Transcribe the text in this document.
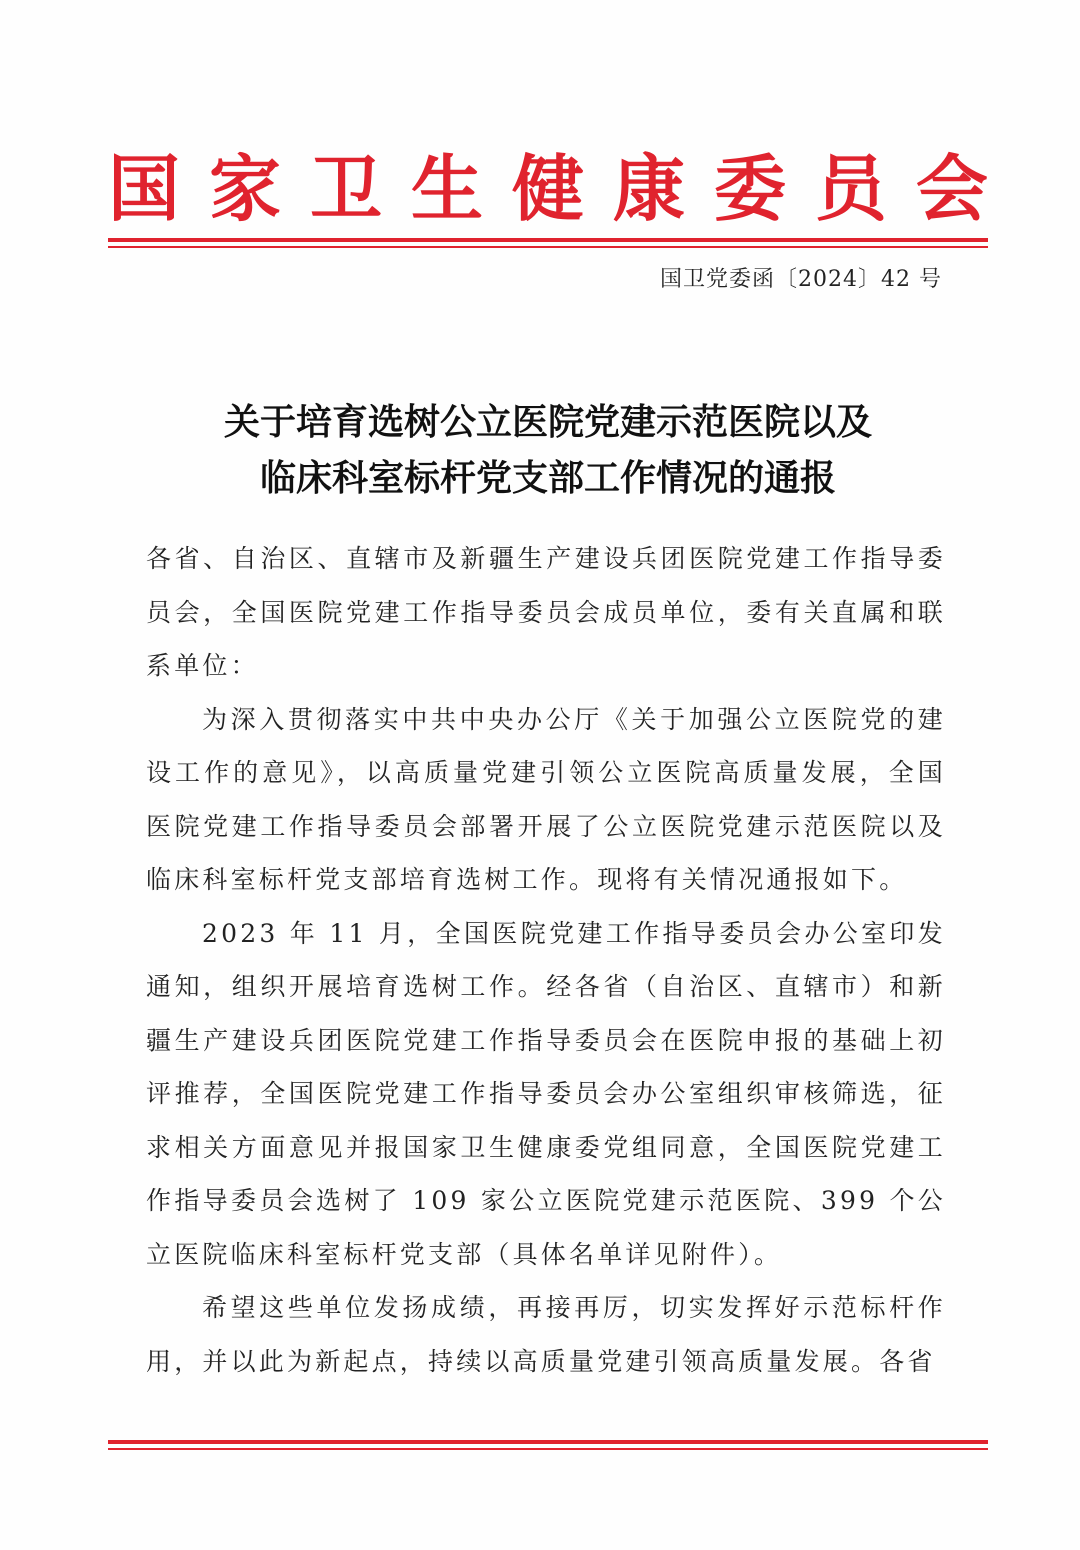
国 家 卫 生 健 康 委 员 会
国卫党委函〔2024〕42 号
关于培育选树公立医院党建示范医院以及
临床科室标杆党支部工作情况的通报

各省、自治区、直辖市及新疆生产建设兵团医院党建工作指导委员会，全国医院党建工作指导委员会成员单位，委有关直属和联系单位：

为深入贯彻落实中共中央办公厅《关于加强公立医院党的建设工作的意见》，以高质量党建引领公立医院高质量发展，全国医院党建工作指导委员会部署开展了公立医院党建示范医院以及临床科室标杆党支部培育选树工作。现将有关情况通报如下。

2023 年 11 月，全国医院党建工作指导委员会办公室印发通知，组织开展培育选树工作。经各省（自治区、直辖市）和新疆生产建设兵团医院党建工作指导委员会在医院申报的基础上初评推荐，全国医院党建工作指导委员会办公室组织审核筛选，征求相关方面意见并报国家卫生健康委党组同意，全国医院党建工作指导委员会选树了 109 家公立医院党建示范医院、399 个公立医院临床科室标杆党支部（具体名单详见附件）。

希望这些单位发扬成绩，再接再厉，切实发挥好示范标杆作用，并以此为新起点，持续以高质量党建引领高质量发展。各省
